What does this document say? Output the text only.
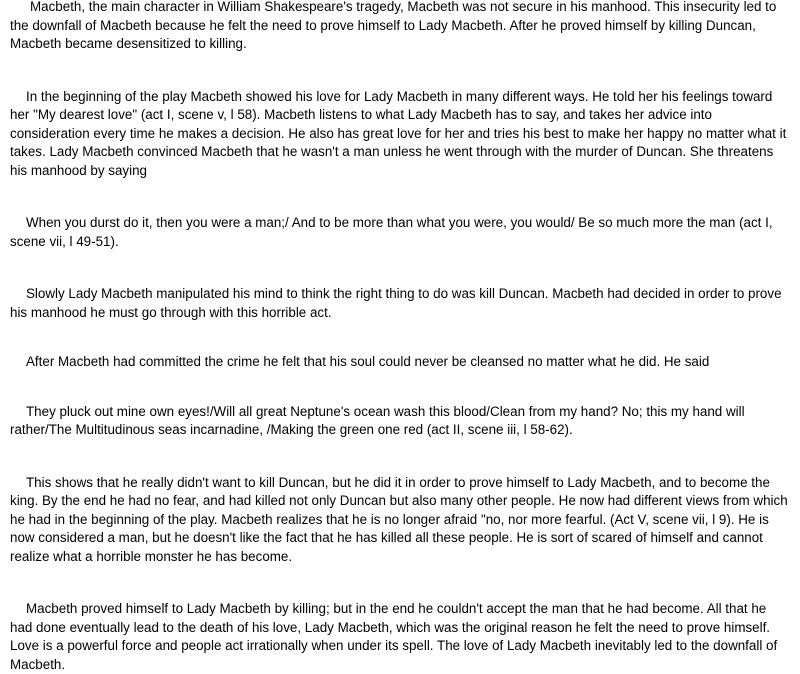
Macbeth, the main character in William Shakespeare's tragedy, Macbeth was not secure in his manhood. This insecurity led to the downfall of Macbeth because he felt the need to prove himself to Lady Macbeth. After he proved himself by killing Duncan, Macbeth became desensitized to killing.

In the beginning of the play Macbeth showed his love for Lady Macbeth in many different ways. He told her his feelings toward her "My dearest love" (act I, scene v, l 58). Macbeth listens to what Lady Macbeth has to say, and takes her advice into consideration every time he makes a decision. He also has great love for her and tries his best to make her happy no matter what it takes. Lady Macbeth convinced Macbeth that he wasn't a man unless he went through with the murder of Duncan. She threatens his manhood by saying

When you durst do it, then you were a man;/ And to be more than what you were, you would/ Be so much more the man (act I, scene vii, l 49-51).

Slowly Lady Macbeth manipulated his mind to think the right thing to do was kill Duncan. Macbeth had decided in order to prove his manhood he must go through with this horrible act.

After Macbeth had committed the crime he felt that his soul could never be cleansed no matter what he did. He said

They pluck out mine own eyes!/Will all great Neptune's ocean wash this blood/Clean from my hand? No; this my hand will rather/The Multitudinous seas incarnadine, /Making the green one red (act II, scene iii, l 58-62).

This shows that he really didn't want to kill Duncan, but he did it in order to prove himself to Lady Macbeth, and to become the king. By the end he had no fear, and had killed not only Duncan but also many other people. He now had different views from which he had in the beginning of the play. Macbeth realizes that he is no longer afraid "no, nor more fearful. (Act V, scene vii, l 9). He is now considered a man, but he doesn't like the fact that he has killed all these people. He is sort of scared of himself and cannot realize what a horrible monster he has become.

Macbeth proved himself to Lady Macbeth by killing; but in the end he couldn't accept the man that he had become. All that he had done eventually lead to the death of his love, Lady Macbeth, which was the original reason he felt the need to prove himself. Love is a powerful force and people act irrationally when under its spell. The love of Lady Macbeth inevitably led to the downfall of Macbeth.
